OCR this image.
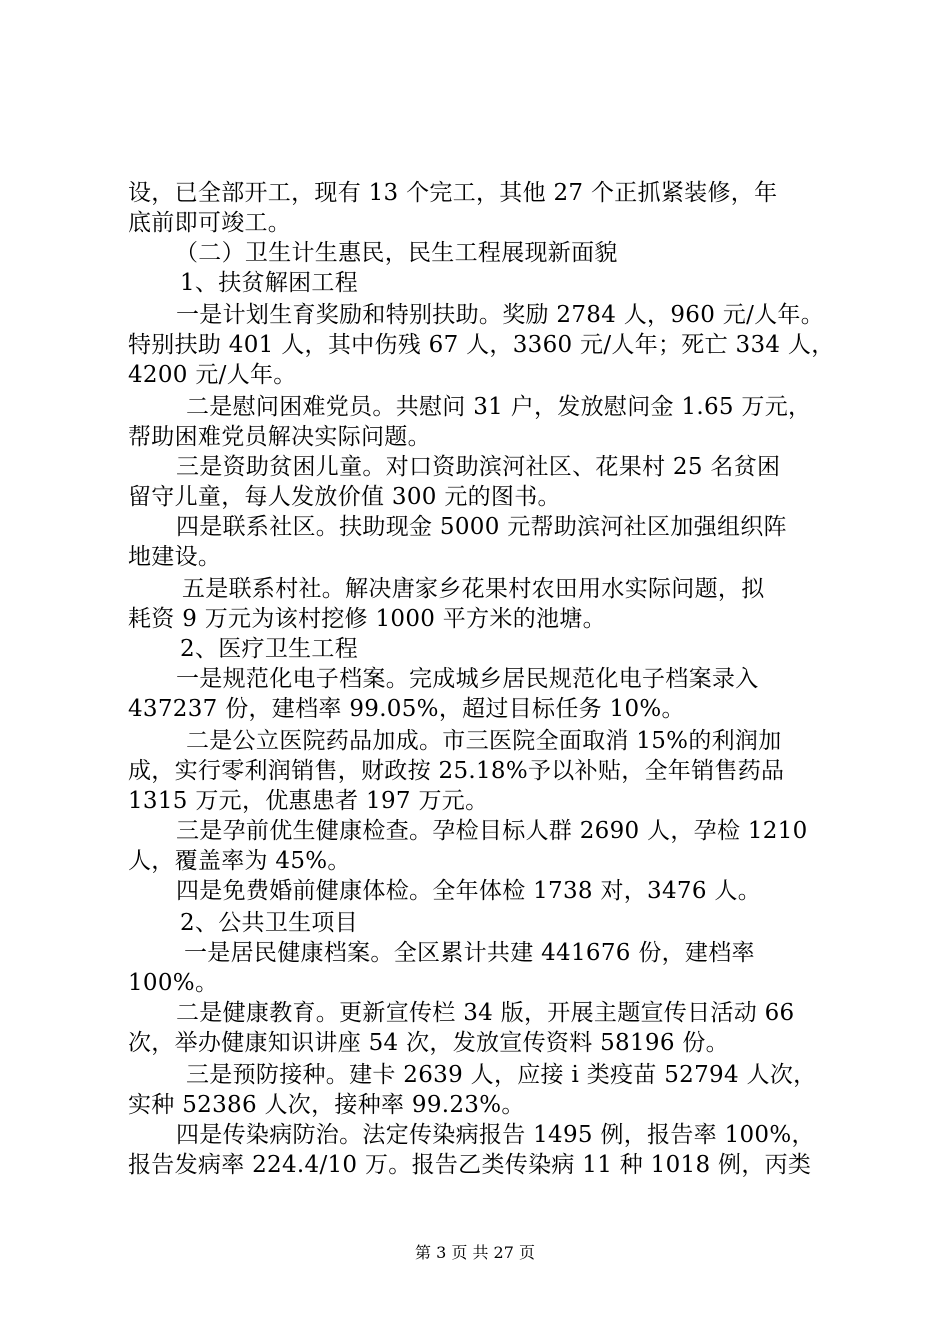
设，已全部开工，现有 13 个完工，其他 27 个正抓紧装修，年
底前即可竣工。
（二）卫生计生惠民，民生工程展现新面貌
1、扶贫解困工程
一是计划生育奖励和特别扶助。奖励 2784 人，960 元/人年。
特别扶助 401 人，其中伤残 67 人，3360 元/人年；死亡 334 人，
4200 元/人年。
二是慰问困难党员。共慰问 31 户，发放慰问金 1.65 万元，
帮助困难党员解决实际问题。
三是资助贫困儿童。对口资助滨河社区、花果村 25 名贫困
留守儿童，每人发放价值 300 元的图书。
四是联系社区。扶助现金 5000 元帮助滨河社区加强组织阵
地建设。
五是联系村社。解决唐家乡花果村农田用水实际问题，拟
耗资 9 万元为该村挖修 1000 平方米的池塘。
2、医疗卫生工程
一是规范化电子档案。完成城乡居民规范化电子档案录入
437237 份，建档率 99.05%，超过目标任务 10%。
二是公立医院药品加成。市三医院全面取消 15%的利润加
成，实行零利润销售，财政按 25.18%予以补贴，全年销售药品
1315 万元，优惠患者 197 万元。
三是孕前优生健康检查。孕检目标人群 2690 人，孕检 1210
人，覆盖率为 45%。
四是免费婚前健康体检。全年体检 1738 对，3476 人。
2、公共卫生项目
一是居民健康档案。全区累计共建 441676 份，建档率
100%。
二是健康教育。更新宣传栏 34 版，开展主题宣传日活动 66
次，举办健康知识讲座 54 次，发放宣传资料 58196 份。
三是预防接种。建卡 2639 人，应接 i 类疫苗 52794 人次，
实种 52386 人次，接种率 99.23%。
四是传染病防治。法定传染病报告 1495 例，报告率 100%，
报告发病率 224.4/10 万。报告乙类传染病 11 种 1018 例，丙类
第 3 页 共 27 页
